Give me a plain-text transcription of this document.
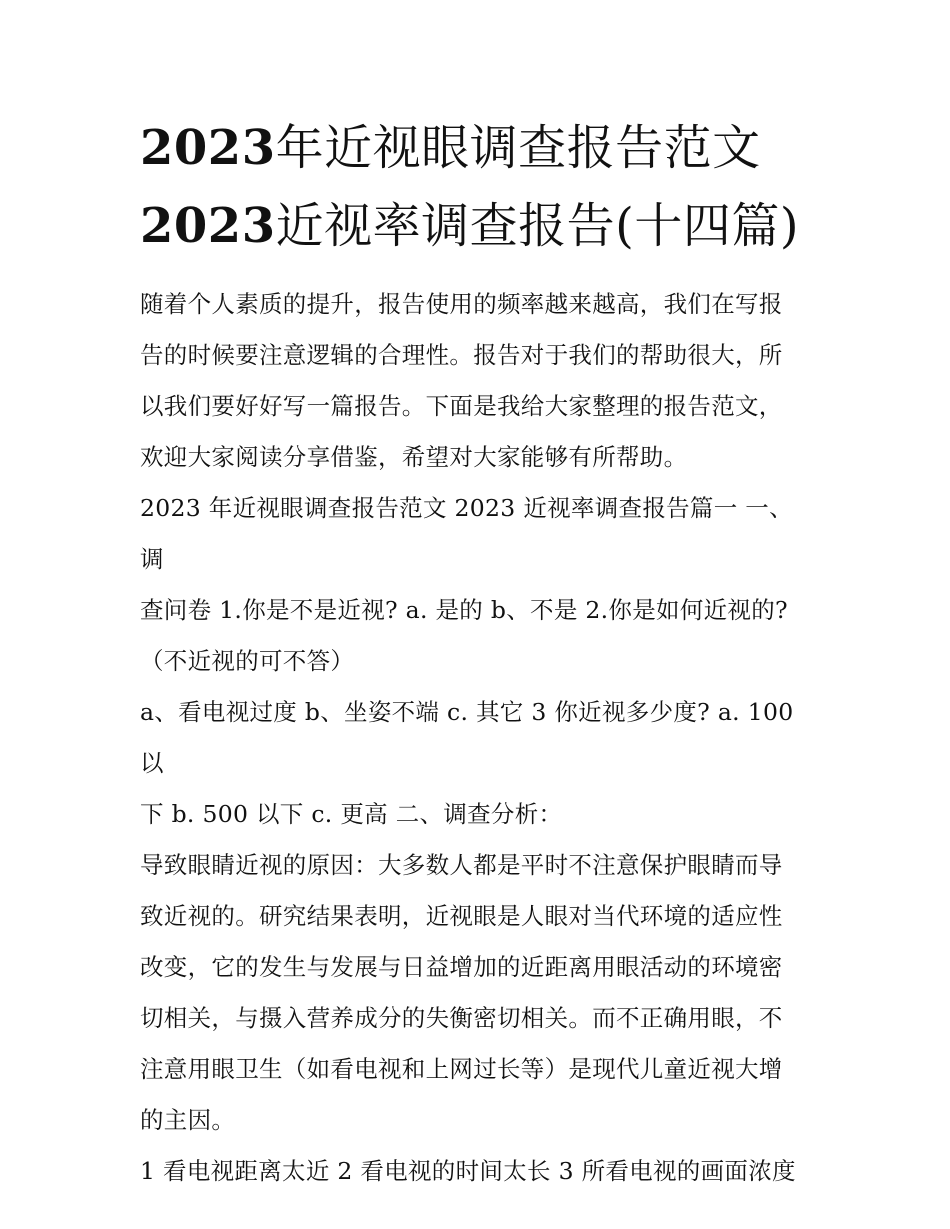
2023年近视眼调查报告范文
2023近视率调查报告(十四篇)

随着个人素质的提升，报告使用的频率越来越高，我们在写报
告的时候要注意逻辑的合理性。报告对于我们的帮助很大，所
以我们要好好写一篇报告。下面是我给大家整理的报告范文，
欢迎大家阅读分享借鉴，希望对大家能够有所帮助。

2023 年近视眼调查报告范文 2023 近视率调查报告篇一 一、调
查问卷 1.你是不是近视? a. 是的 b、不是 2.你是如何近视的?
（不近视的可不答）

a、看电视过度 b、坐姿不端 c. 其它 3 你近视多少度? a. 100 以
下 b. 500 以下 c. 更高 二、调查分析：

导致眼睛近视的原因：大多数人都是平时不注意保护眼睛而导
致近视的。研究结果表明，近视眼是人眼对当代环境的适应性
改变，它的发生与发展与日益增加的近距离用眼活动的环境密
切相关，与摄入营养成分的失衡密切相关。而不正确用眼，不
注意用眼卫生（如看电视和上网过长等）是现代儿童近视大增
的主因。

1 看电视距离太近 2 看电视的时间太长 3 所看电视的画面浓度
